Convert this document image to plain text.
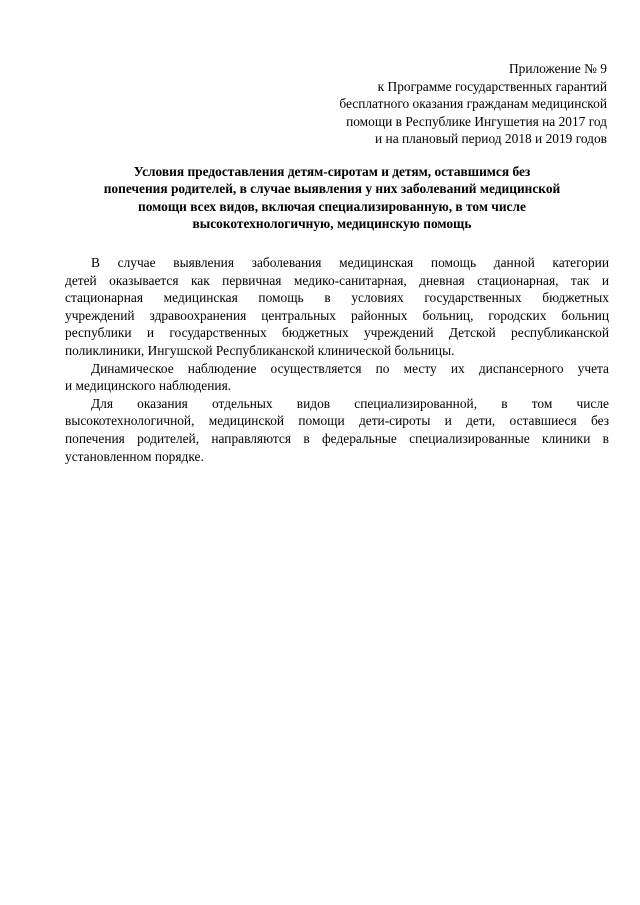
Приложение № 9
к Программе государственных гарантий
бесплатного оказания гражданам медицинской
помощи в Республике Ингушетия на 2017 год
и на плановый период 2018 и 2019 годов
Условия предоставления детям-сиротам и детям, оставшимся без
попечения родителей, в случае выявления у них заболеваний медицинской
помощи всех видов, включая специализированную, в том числе
высокотехнологичную, медицинскую помощь
В случае выявления заболевания медицинская помощь данной категории
детей оказывается как первичная медико-санитарная, дневная стационарная, так и
стационарная медицинская помощь в условиях государственных бюджетных
учреждений здравоохранения центральных районных больниц, городских больниц
республики и государственных бюджетных учреждений Детской республиканской
поликлиники, Ингушской Республиканской клинической больницы.
Динамическое наблюдение осуществляется по месту их диспансерного учета
и медицинского наблюдения.
Для оказания отдельных видов специализированной, в том числе
высокотехнологичной, медицинской помощи дети-сироты и дети, оставшиеся без
попечения родителей, направляются в федеральные специализированные клиники в
установленном порядке.
